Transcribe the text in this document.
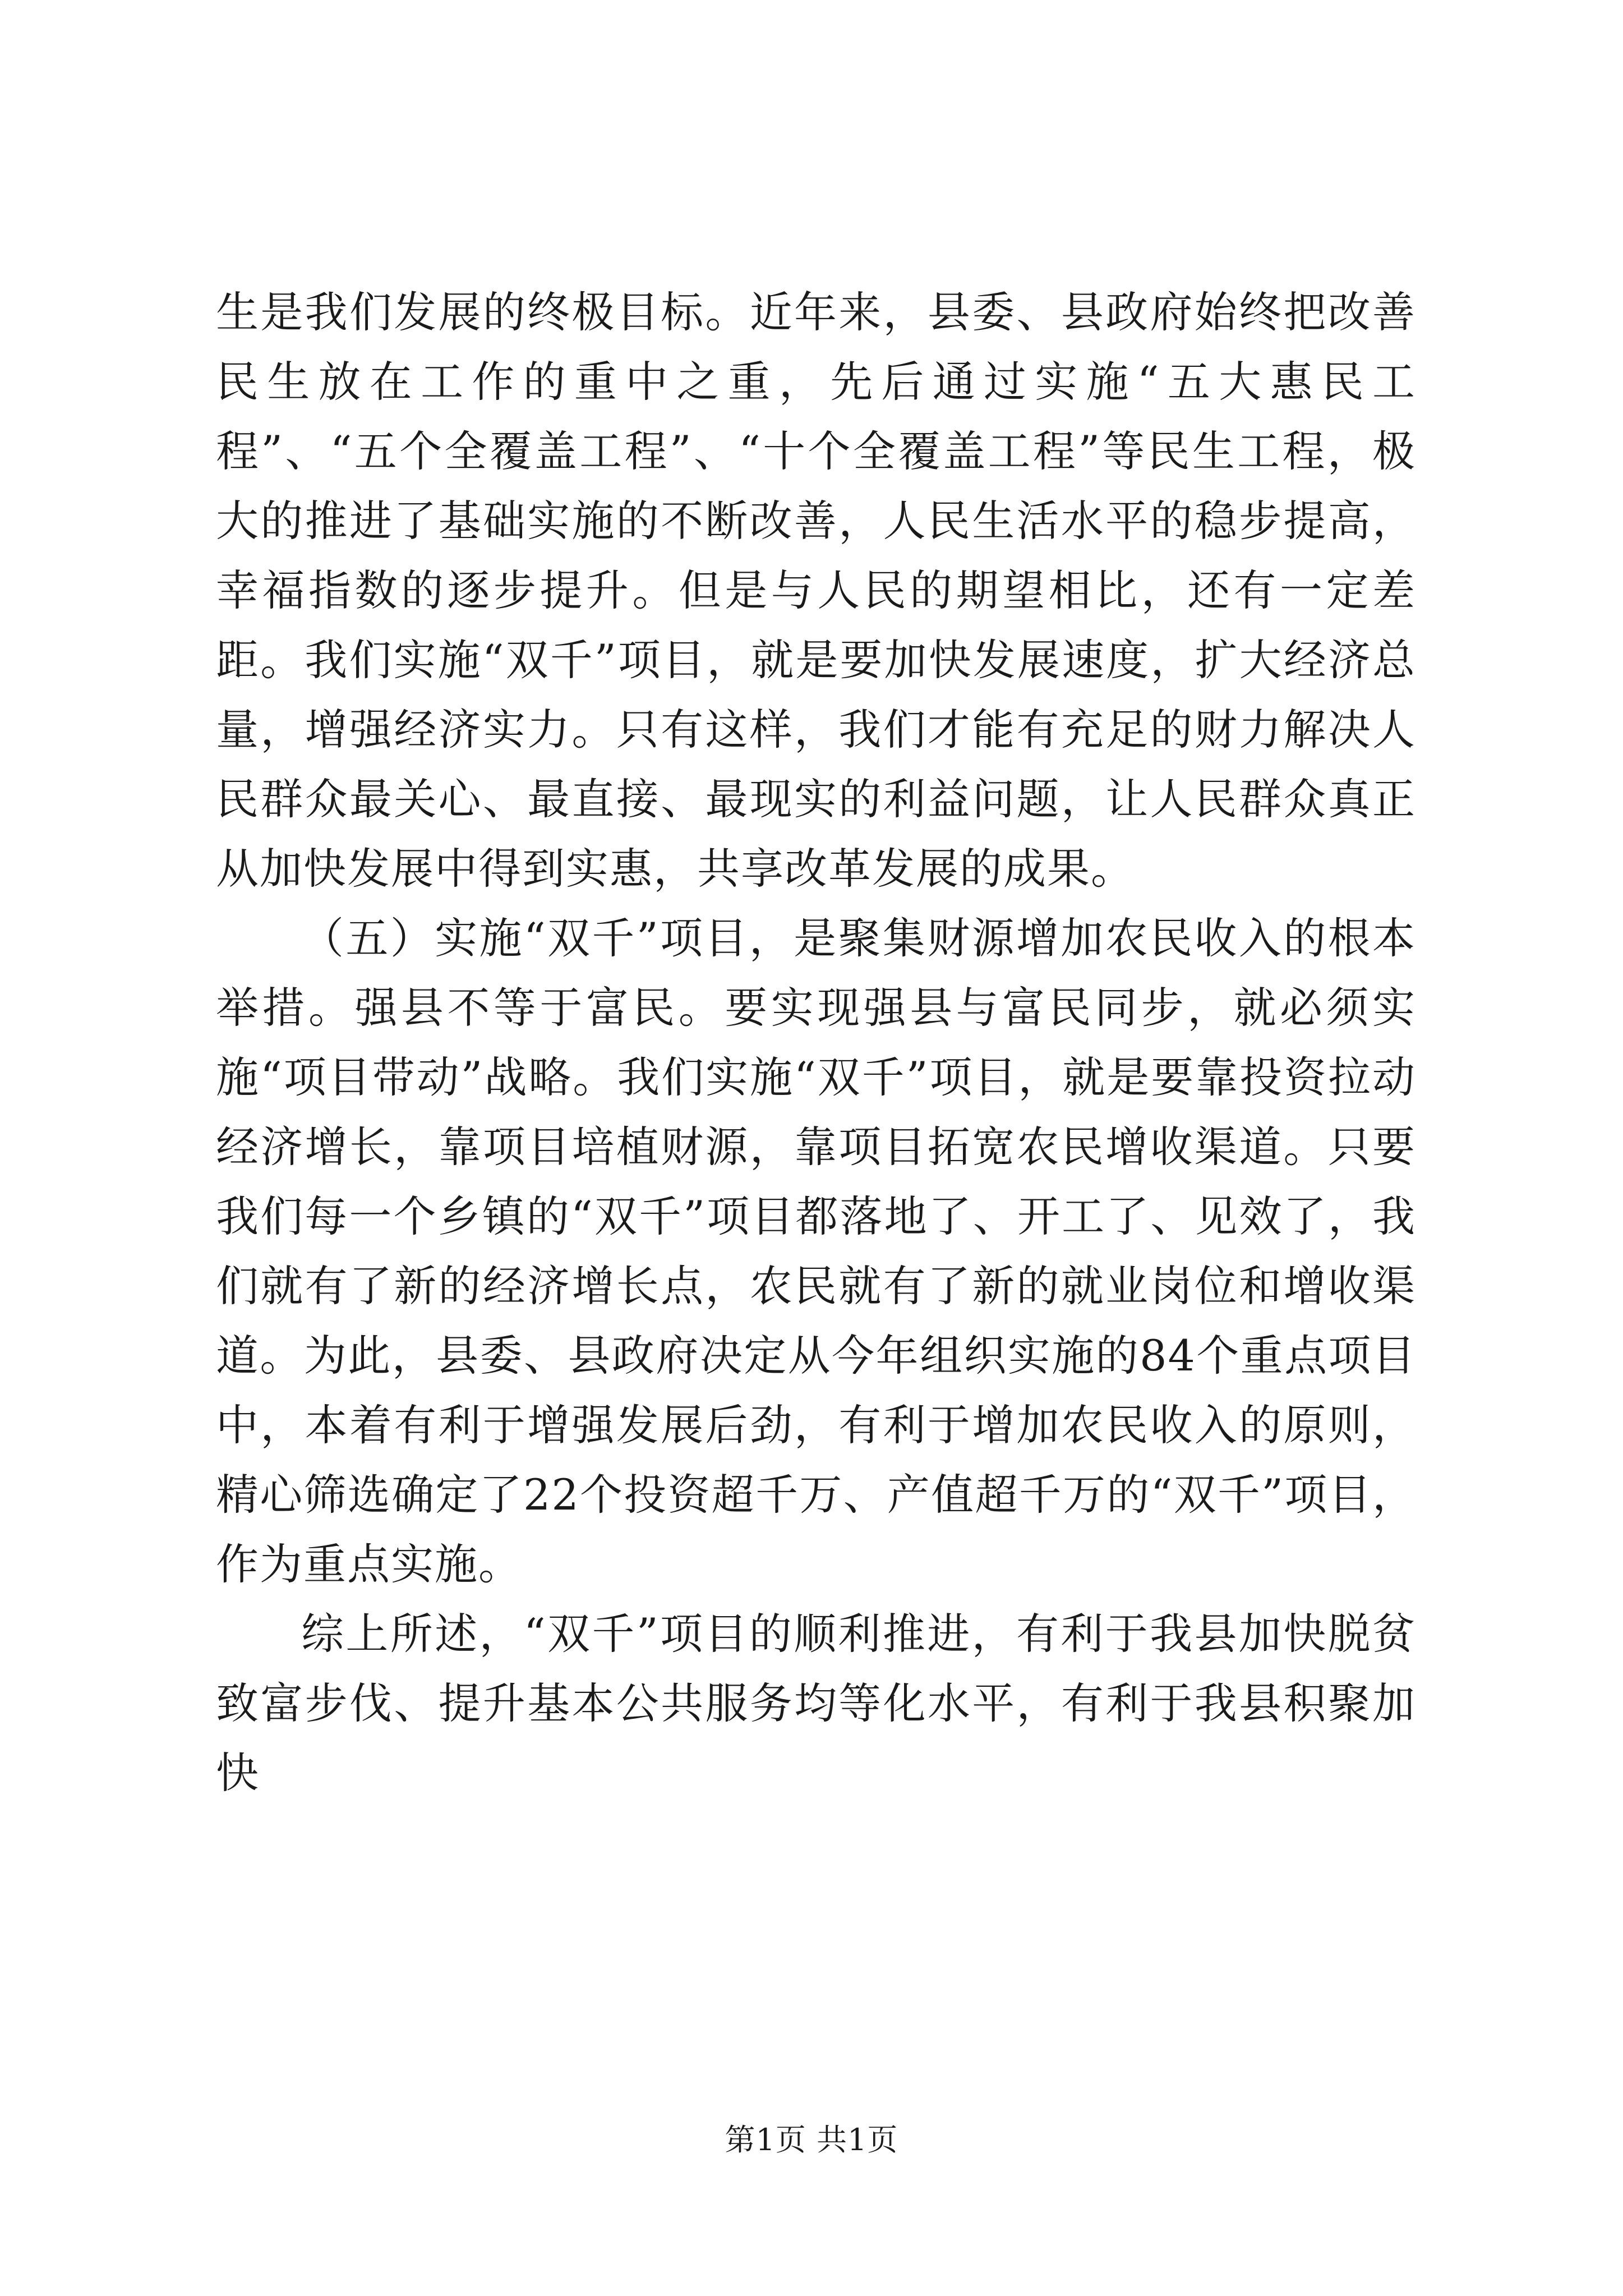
生是我们发展的终极目标。近年来，县委、县政府始终把改善民生放在工作的重中之重，先后通过实施“五大惠民工程”、“五个全覆盖工程”、“十个全覆盖工程”等民生工程，极大的推进了基础实施的不断改善，人民生活水平的稳步提高，幸福指数的逐步提升。但是与人民的期望相比，还有一定差距。我们实施“双千”项目，就是要加快发展速度，扩大经济总量，增强经济实力。只有这样，我们才能有充足的财力解决人民群众最关心、最直接、最现实的利益问题，让人民群众真正从加快发展中得到实惠，共享改革发展的成果。

（五）实施“双千”项目，是聚集财源增加农民收入的根本举措。强县不等于富民。要实现强县与富民同步，就必须实施“项目带动”战略。我们实施“双千”项目，就是要靠投资拉动经济增长，靠项目培植财源，靠项目拓宽农民增收渠道。只要我们每一个乡镇的“双千”项目都落地了、开工了、见效了，我们就有了新的经济增长点，农民就有了新的就业岗位和增收渠道。为此，县委、县政府决定从今年组织实施的84个重点项目中，本着有利于增强发展后劲，有利于增加农民收入的原则，精心筛选确定了22个投资超千万、产值超千万的“双千”项目，作为重点实施。

综上所述，“双千”项目的顺利推进，有利于我县加快脱贫致富步伐、提升基本公共服务均等化水平，有利于我县积聚加快

第1页 共1页
